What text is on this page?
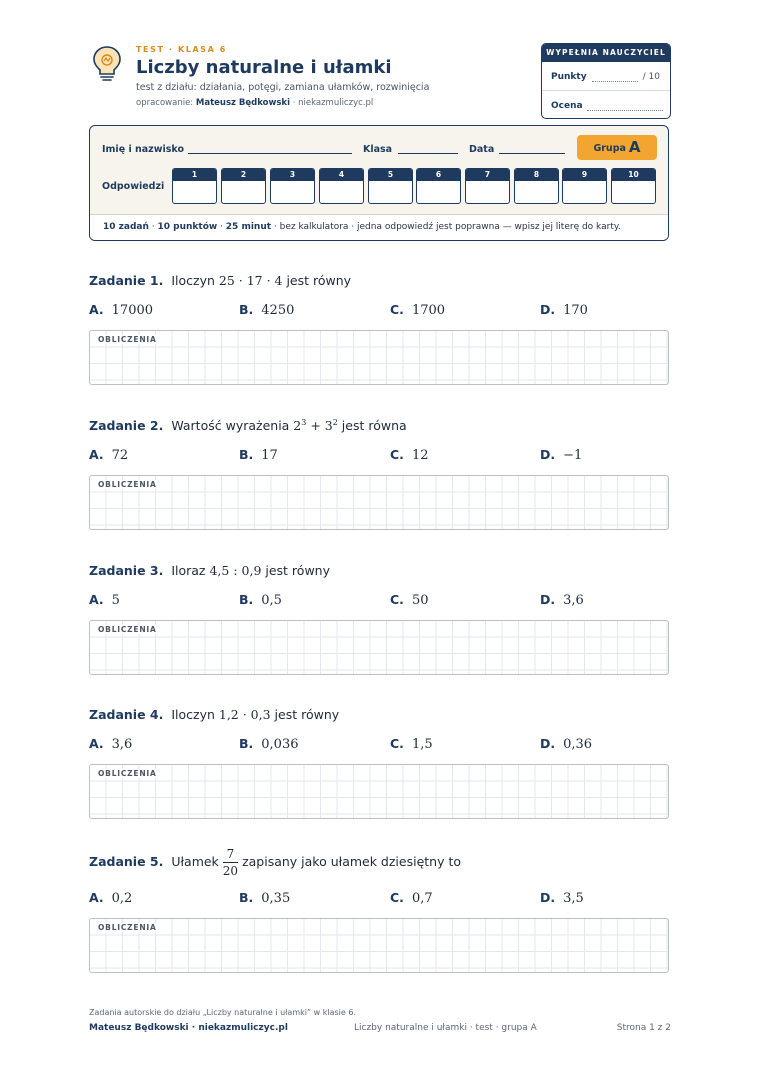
TEST · KLASA 6
Liczby naturalne i ułamki
test z działu: działania, potęgi, zamiana ułamków, rozwinięcia
opracowanie: Mateusz Będkowski · niekazmuliczyc.pl
WYPEŁNIA NAUCZYCIEL
Punkty	/ 10
Ocena
Imię i nazwisko	Klasa	Data	Grupa A
Odpowiedzi
1	2	3	4	5	6	7	8	9	10
10 zadań · 10 punktów · 25 minut · bez kalkulatora · jedna odpowiedź jest poprawna — wpisz jej literę do karty.
Zadanie 1. Iloczyn 25 · 17 · 4 jest równy
A. 17000	B. 4250	C. 1700	D. 170
OBLICZENIA
Zadanie 2. Wartość wyrażenia $2^3 + 3^2$ jest równa
A. 72	B. 17	C. 12	D. −1
OBLICZENIA
Zadanie 3. Iloraz 4,5 : 0,9 jest równy
A. 5	B. 0,5	C. 50	D. 3,6
OBLICZENIA
Zadanie 4. Iloczyn 1,2 · 0,3 jest równy
A. 3,6	B. 0,036	C. 1,5	D. 0,36
OBLICZENIA
Zadanie 5. Ułamek $\frac{7}{20}$ zapisany jako ułamek dziesiętny to
A. 0,2	B. 0,35	C. 0,7	D. 3,5
OBLICZENIA
Zadania autorskie do działu „Liczby naturalne i ułamki” w klasie 6.
Mateusz Będkowski · niekazmuliczyc.pl	Liczby naturalne i ułamki · test · grupa A	Strona 1 z 2
